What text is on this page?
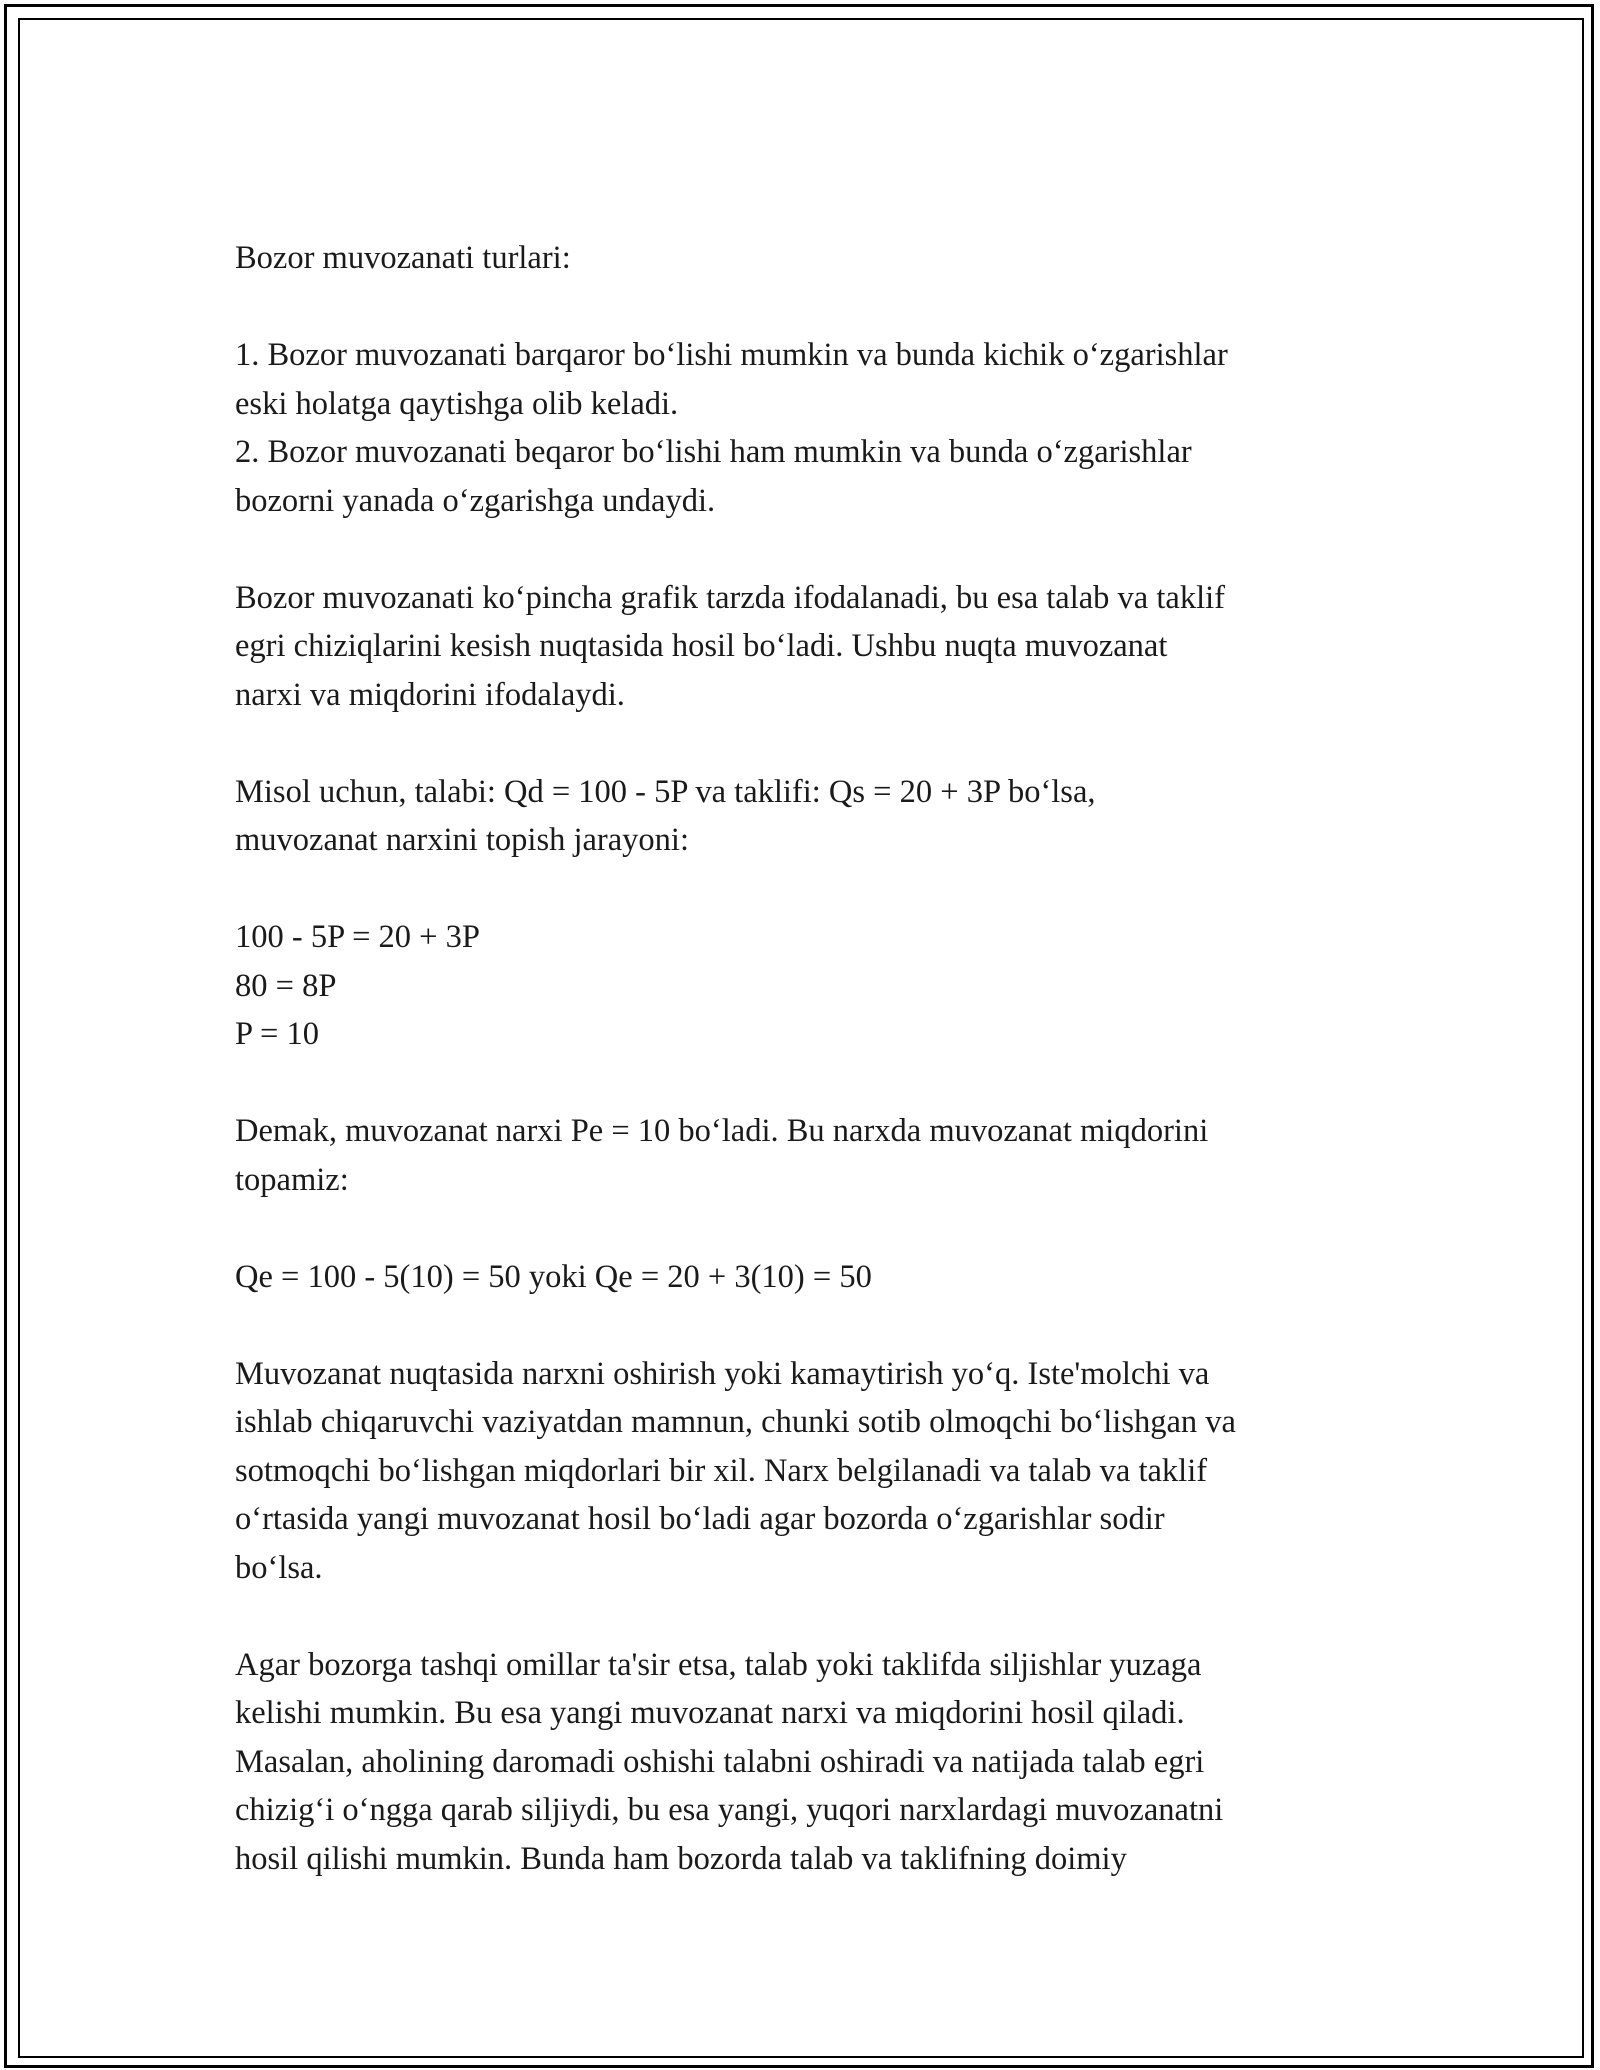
Bozor muvozanati turlari:
1. Bozor muvozanati barqaror bo‘lishi mumkin va bunda kichik o‘zgarishlar
eski holatga qaytishga olib keladi.
2. Bozor muvozanati beqaror bo‘lishi ham mumkin va bunda o‘zgarishlar
bozorni yanada o‘zgarishga undaydi.
Bozor muvozanati ko‘pincha grafik tarzda ifodalanadi, bu esa talab va taklif
egri chiziqlarini kesish nuqtasida hosil bo‘ladi. Ushbu nuqta muvozanat
narxi va miqdorini ifodalaydi.
Misol uchun, talabi: Qd = 100 - 5P va taklifi: Qs = 20 + 3P bo‘lsa,
muvozanat narxini topish jarayoni:
100 - 5P = 20 + 3P
80 = 8P
P = 10
Demak, muvozanat narxi Pe = 10 bo‘ladi. Bu narxda muvozanat miqdorini
topamiz:
Qe = 100 - 5(10) = 50 yoki Qe = 20 + 3(10) = 50
Muvozanat nuqtasida narxni oshirish yoki kamaytirish yo‘q. Iste'molchi va
ishlab chiqaruvchi vaziyatdan mamnun, chunki sotib olmoqchi bo‘lishgan va
sotmoqchi bo‘lishgan miqdorlari bir xil. Narx belgilanadi va talab va taklif
o‘rtasida yangi muvozanat hosil bo‘ladi agar bozorda o‘zgarishlar sodir
bo‘lsa.
Agar bozorga tashqi omillar ta'sir etsa, talab yoki taklifda siljishlar yuzaga
kelishi mumkin. Bu esa yangi muvozanat narxi va miqdorini hosil qiladi.
Masalan, aholining daromadi oshishi talabni oshiradi va natijada talab egri
chizig‘i o‘ngga qarab siljiydi, bu esa yangi, yuqori narxlardagi muvozanatni
hosil qilishi mumkin. Bunda ham bozorda talab va taklifning doimiy
